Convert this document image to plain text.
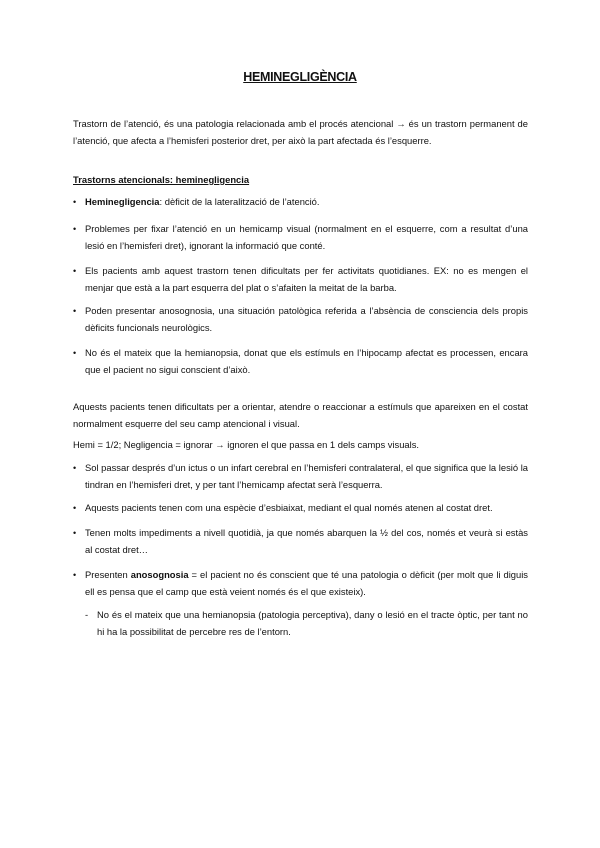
HEMINEGLIGÈNCIA
Trastorn de l’atenció, és una patologia relacionada amb el procés atencional → és un trastorn permanent de l’atenció, que afecta a l’hemisferi posterior dret, per això la part afectada és l’esquerre.
Trastorns atencionals: heminegligencia
• Heminegligencia: dèficit de la lateralització de l’atenció.
• Problemes per fixar l’atenció en un hemicamp visual (normalment en el esquerre, com a resultat d’una lesió en l’hemisferi dret), ignorant la informació que conté.
• Els pacients amb aquest trastorn tenen dificultats per fer activitats quotidianes. EX: no es mengen el menjar que està a la part esquerra del plat o s’afaiten la meitat de la barba.
• Poden presentar anosognosia, una situación patològica referida a l’absència de consciencia dels propis dèficits funcionals neurològics.
• No és el mateix que la hemianopsia, donat que els estímuls en l’hipocamp afectat es processen, encara que el pacient no sigui conscient d’això.
Aquests pacients tenen dificultats per a orientar, atendre o reaccionar a estímuls que apareixen en el costat normalment esquerre del seu camp atencional i visual.
Hemi = 1/2; Negligencia = ignorar → ignoren el que passa en 1 dels camps visuals.
• Sol passar després d’un ictus o un infart cerebral en l’hemisferi contralateral, el que significa que la lesió la tindran en l’hemisferi dret, y per tant l’hemicamp afectat serà l’esquerra.
• Aquests pacients tenen com una espècie d’esbiaixat, mediant el qual només atenen al costat dret.
• Tenen molts impediments a nivell quotidià, ja que només abarquen la ½ del cos, només et veurà si estàs al costat dret…
• Presenten anosognosia = el pacient no és conscient que té una patologia o dèficit (per molt que li diguis ell es pensa que el camp que està veient només és el que existeix).
- No és el mateix que una hemianopsia (patologia perceptiva), dany o lesió en el tracte òptic, per tant no hi ha la possibilitat de percebre res de l’entorn.
